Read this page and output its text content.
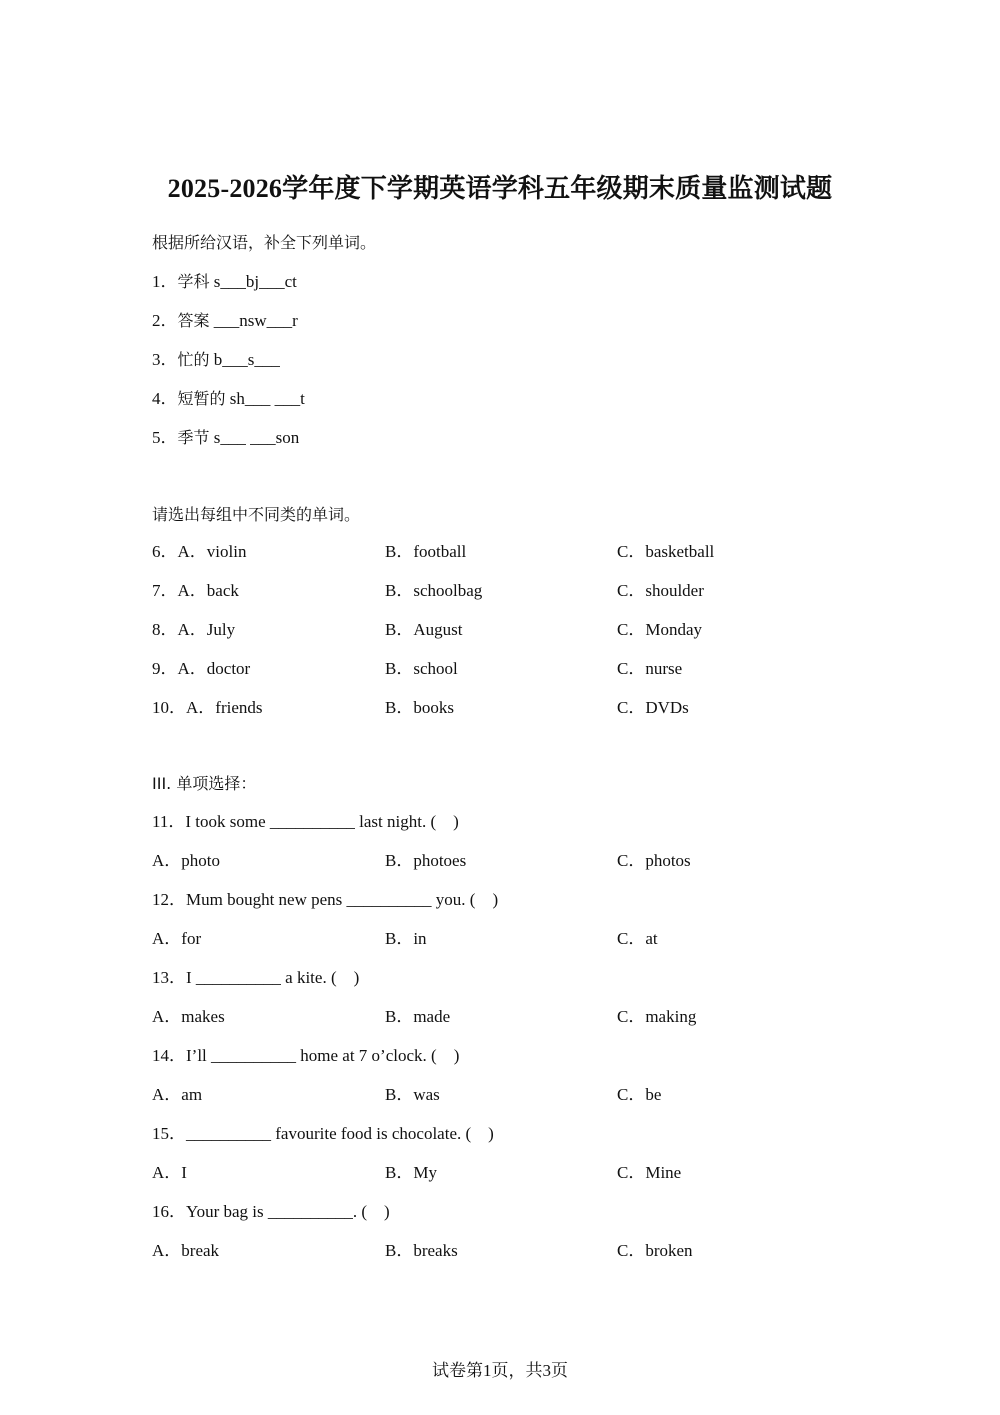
2025-2026学年度下学期英语学科五年级期末质量监测试题
根据所给汉语，补全下列单词。
1．学科 s___bj___ct
2．答案 ___nsw___r
3．忙的 b___s___
4．短暂的 sh___ ___t
5．季节 s___ ___son
请选出每组中不同类的单词。
6．A．violin	B．football	C．basketball
7．A．back	B．schoolbag	C．shoulder
8．A．July	B．August	C．Monday
9．A．doctor	B．school	C．nurse
10．A．friends	B．books	C．DVDs
III. 单项选择：
11．I took some __________ last night. (    )
A．photo	B．photoes	C．photos
12．Mum bought new pens __________ you. (    )
A．for	B．in	C．at
13．I __________ a kite. (    )
A．makes	B．made	C．making
14．I’ll __________ home at 7 o’clock. (    )
A．am	B．was	C．be
15．__________ favourite food is chocolate. (    )
A．I	B．My	C．Mine
16．Your bag is __________. (    )
A．break	B．breaks	C．broken
试卷第1页，共3页
